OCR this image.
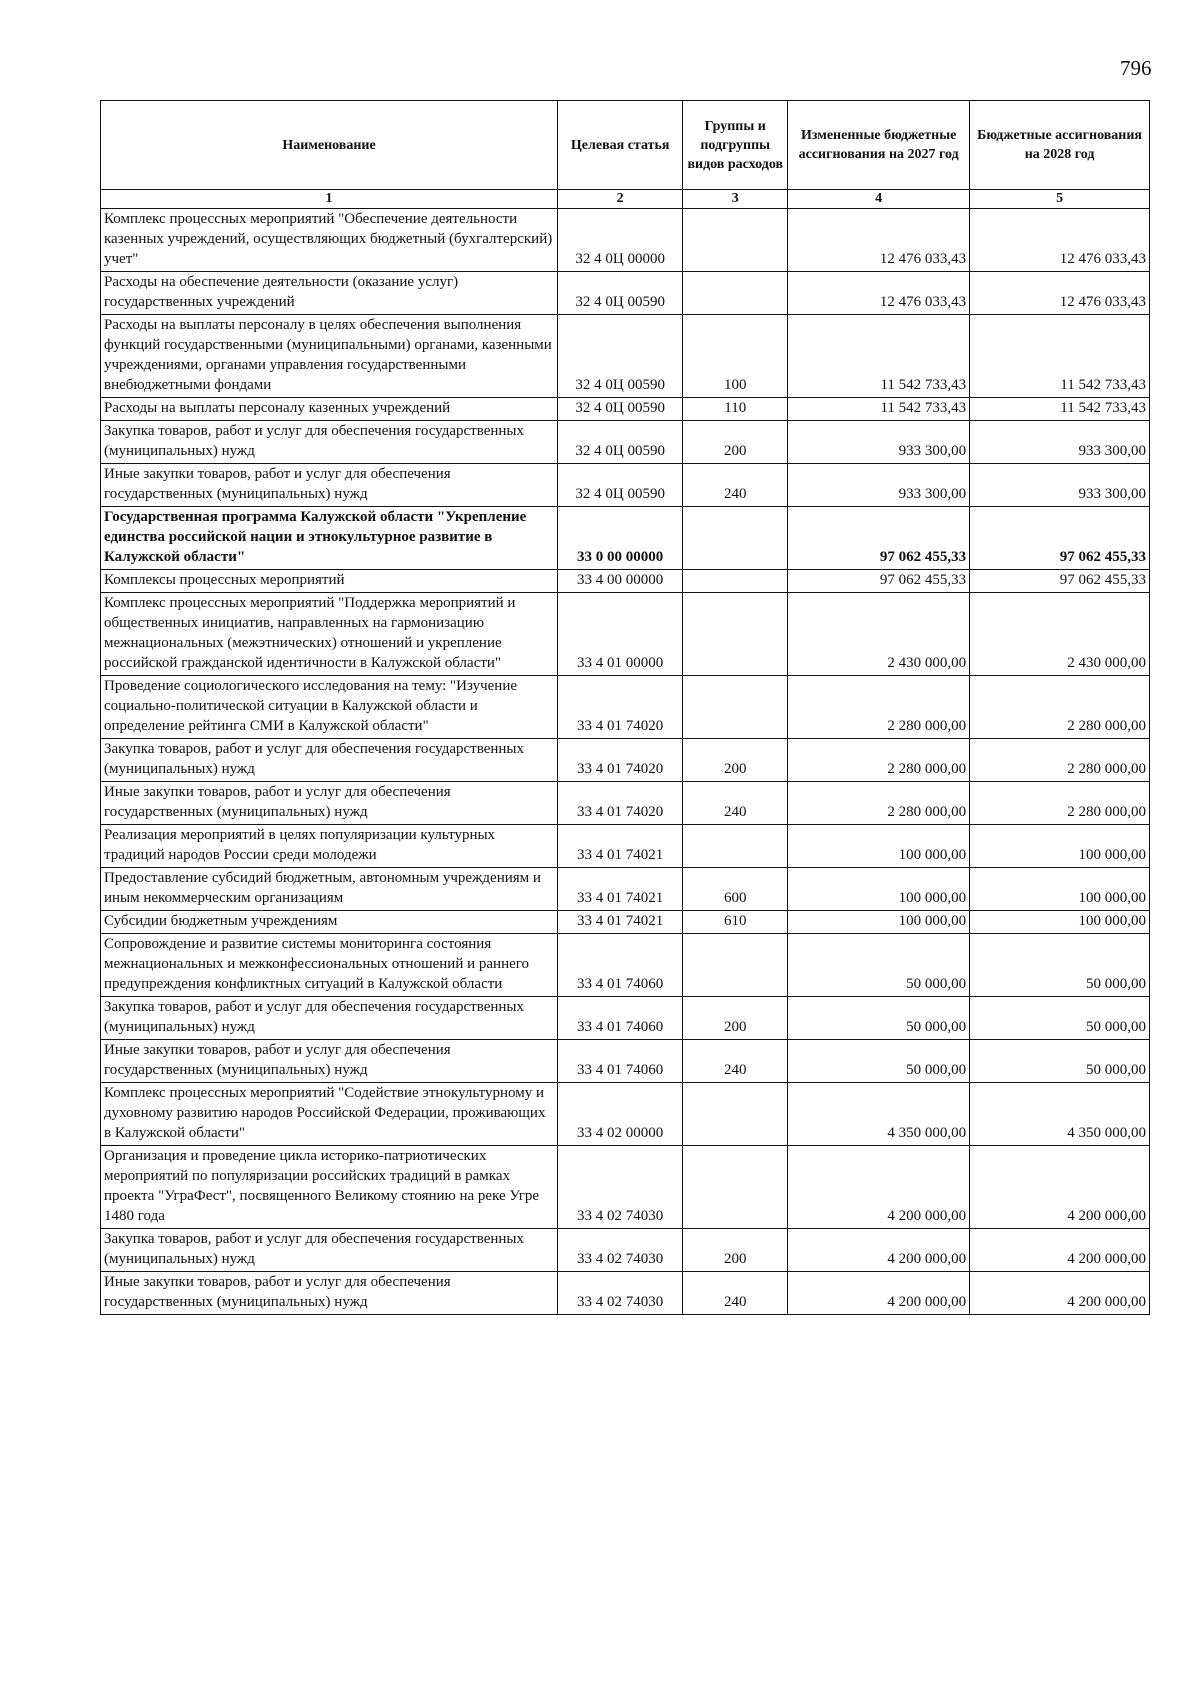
796
Наименование	Целевая статья	Группы и подгруппы видов расходов	Измененные бюджетные ассигнования на 2027 год	Бюджетные ассигнования на 2028 год
1	2	3	4	5
Комплекс процессных мероприятий "Обеспечение деятельности казенных учреждений, осуществляющих бюджетный (бухгалтерский) учет"	32 4 0Ц 00000		12 476 033,43	12 476 033,43
Расходы на обеспечение деятельности (оказание услуг) государственных учреждений	32 4 0Ц 00590		12 476 033,43	12 476 033,43
Расходы на выплаты персоналу в целях обеспечения выполнения функций государственными (муниципальными) органами, казенными учреждениями, органами управления государственными внебюджетными фондами	32 4 0Ц 00590	100	11 542 733,43	11 542 733,43
Расходы на выплаты персоналу казенных учреждений	32 4 0Ц 00590	110	11 542 733,43	11 542 733,43
Закупка товаров, работ и услуг для обеспечения государственных (муниципальных) нужд	32 4 0Ц 00590	200	933 300,00	933 300,00
Иные закупки товаров, работ и услуг для обеспечения государственных (муниципальных) нужд	32 4 0Ц 00590	240	933 300,00	933 300,00
Государственная программа Калужской области "Укрепление единства российской нации и этнокультурное развитие в Калужской области"	33 0 00 00000		97 062 455,33	97 062 455,33
Комплексы процессных мероприятий	33 4 00 00000		97 062 455,33	97 062 455,33
Комплекс процессных мероприятий "Поддержка мероприятий и общественных инициатив, направленных на гармонизацию межнациональных (межэтнических) отношений и укрепление российской гражданской идентичности в Калужской области"	33 4 01 00000		2 430 000,00	2 430 000,00
Проведение социологического исследования на тему: "Изучение социально-политической ситуации в Калужской области и определение рейтинга СМИ в Калужской области"	33 4 01 74020		2 280 000,00	2 280 000,00
Закупка товаров, работ и услуг для обеспечения государственных (муниципальных) нужд	33 4 01 74020	200	2 280 000,00	2 280 000,00
Иные закупки товаров, работ и услуг для обеспечения государственных (муниципальных) нужд	33 4 01 74020	240	2 280 000,00	2 280 000,00
Реализация мероприятий в целях популяризации культурных традиций народов России среди молодежи	33 4 01 74021		100 000,00	100 000,00
Предоставление субсидий бюджетным, автономным учреждениям и иным некоммерческим организациям	33 4 01 74021	600	100 000,00	100 000,00
Субсидии бюджетным учреждениям	33 4 01 74021	610	100 000,00	100 000,00
Сопровождение и развитие системы мониторинга состояния межнациональных и межконфессиональных отношений и раннего предупреждения конфликтных ситуаций в Калужской области	33 4 01 74060		50 000,00	50 000,00
Закупка товаров, работ и услуг для обеспечения государственных (муниципальных) нужд	33 4 01 74060	200	50 000,00	50 000,00
Иные закупки товаров, работ и услуг для обеспечения государственных (муниципальных) нужд	33 4 01 74060	240	50 000,00	50 000,00
Комплекс процессных мероприятий "Содействие этнокультурному и духовному развитию народов Российской Федерации, проживающих в Калужской области"	33 4 02 00000		4 350 000,00	4 350 000,00
Организация и проведение цикла историко-патриотических мероприятий по популяризации российских традиций в рамках проекта "УграФест", посвященного Великому стоянию на реке Угре 1480 года	33 4 02 74030		4 200 000,00	4 200 000,00
Закупка товаров, работ и услуг для обеспечения государственных (муниципальных) нужд	33 4 02 74030	200	4 200 000,00	4 200 000,00
Иные закупки товаров, работ и услуг для обеспечения государственных (муниципальных) нужд	33 4 02 74030	240	4 200 000,00	4 200 000,00
